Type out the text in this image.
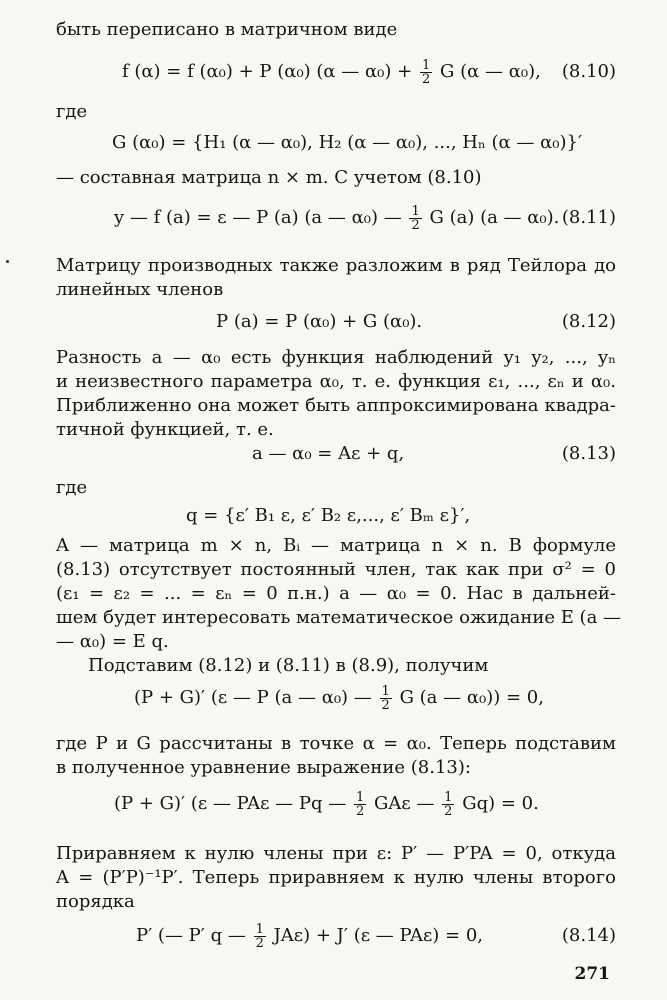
быть переписано в матричном виде
f (α) = f (α₀) + P (α₀) (α — $\alpha_0) + \frac{1}{2}$ G (α — α₀), (8.10)
где
G (α₀) = {H₁ (α — α₀), H₂ (α — α₀), ..., Hₙ (α — α₀)}′
— составная матрица n × m. С учетом (8.10)
y — f (a) = ε — P (a) (a — α₀) — $\frac{1}{2}$ G (a) (a — α₀). (8.11)
Матрицу производных также разложим в ряд Тейлора до
линейных членов
P (a) = P (α₀) + G (α₀).	(8.12)
Разность a — α₀ есть функция наблюдений y₁ y₂, ..., yₙ
и неизвестного параметра α₀, т. е. функция ε₁, ..., εₙ и α₀.
Приближенно она может быть аппроксимирована квадра-
тичной функцией, т. е.
a — α₀ = Aε + q,	(8.13)
где
q = {ε′ B₁ ε, ε′ B₂ ε,..., ε′ Bₘ ε}′,
A — матрица m × n, Bᵢ — матрица n × n. В формуле
(8.13) отсутствует постоянный член, так как при σ² = 0
(ε₁ = ε₂ = ... = εₙ = 0 п.н.) a — α₀ = 0. Нас в дальней-
шем будет интересовать математическое ожидание E (a —
— α₀) = E q.
Подставим (8.12) и (8.11) в (8.9), получим
(P + G)′ (ε — P (a — α₀) — $\frac{1}{2}$ G (a — α₀)) = 0,
где P и G рассчитаны в точке α = α₀. Теперь подставим
в полученное уравнение выражение (8.13):
(P + G)′ (ε — PAε — Pq — $\frac{1}{2}$ GAε — $\frac{1}{2} Gq) = 0$.
Приравняем к нулю члены при ε: P′ — P′PA = 0, откуда
A = (P′P)⁻¹P′. Теперь приравняем к нулю члены второго
порядка
P′ (— P′ q — $\frac{1}{2} JA\varepsilon) + J'$ (ε — PAε) = 0,	(8.14)
271
